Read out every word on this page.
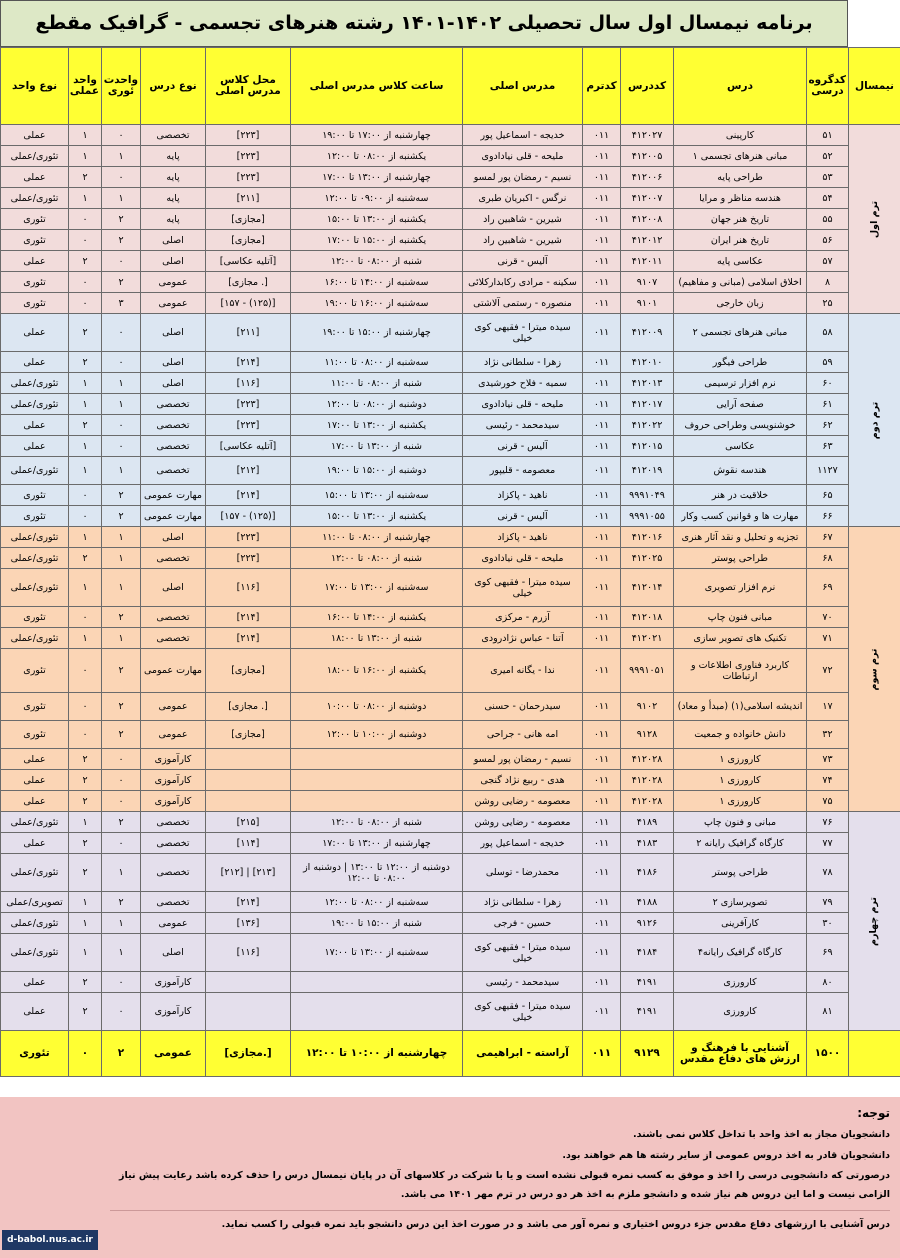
برنامه نیمسال اول سال تحصیلی ۱۴۰۲-۱۴۰۱ رشته هنرهای تجسمی - گرافیک مقطع
نیمسال	کدگروه درسی	درس	کددرس	کدترم	مدرس اصلی	ساعت کلاس مدرس اصلی	محل کلاس مدرس اصلی	نوع درس	واحدت ئوری	واحد عملی	نوع واحد
ترم اول	۵۱	کارپینی	۴۱۲۰۲۷	۰۱۱	خدیجه - اسماعیل پور	چهارشنبه از ۱۷:۰۰ تا ۱۹:۰۰	[۲۲۳]	تخصصی	۰	۱	عملی
	۵۲	مبانی هنرهای تجسمی ۱	۴۱۲۰۰۵	۰۱۱	ملیحه - قلی نیادادوی	یکشنبه از ۰۸:۰۰ تا ۱۲:۰۰	[۲۲۳]	پایه	۱	۱	تئوری/عملی
	۵۳	طراحی پایه	۴۱۲۰۰۶	۰۱۱	نسیم - رمضان پور لمسو	چهارشنبه از ۱۳:۰۰ تا ۱۷:۰۰	[۲۲۳]	پایه	۰	۲	عملی
	۵۴	هندسه مناظر و مرایا	۴۱۲۰۰۷	۰۱۱	نرگس - اکبریان طبری	سه‌شنبه از ۰۹:۰۰ تا ۱۲:۰۰	[۲۱۱]	پایه	۱	۱	تئوری/عملی
	۵۵	تاریخ هنر جهان	۴۱۲۰۰۸	۰۱۱	شیرین - شاهبین راد	یکشنبه از ۱۳:۰۰ تا ۱۵:۰۰	[مجازی]	پایه	۲	۰	تئوری
	۵۶	تاریخ هنر ایران	۴۱۲۰۱۲	۰۱۱	شیرین - شاهبین راد	یکشنبه از ۱۵:۰۰ تا ۱۷:۰۰	[مجازی]	اصلی	۲	۰	تئوری
	۵۷	عکاسی پایه	۴۱۲۰۱۱	۰۱۱	آلیس - قرنی	شنبه از ۰۸:۰۰ تا ۱۲:۰۰	[آتلیه عکاسی]	اصلی	۰	۲	عملی
	۸	اخلاق اسلامی (مبانی و مفاهیم)	۹۱۰۷	۰۱۱	سکینه - مرادی رکابدارکلائی	سه‌شنبه از ۱۴:۰۰ تا ۱۶:۰۰	[. مجازی]	عمومی	۲	۰	تئوری
	۲۵	زبان خارجی	۹۱۰۱	۰۱۱	منصوره - رستمی آلاشتی	سه‌شنبه از ۱۶:۰۰ تا ۱۹:۰۰	[(۱۲۵) - ۱۵۷]	عمومی	۳	۰	تئوری
ترم دوم	۵۸	مبانی هنرهای تجسمی ۲	۴۱۲۰۰۹	۰۱۱	سیده میترا - فقیهی کوی خیلی	چهارشنبه از ۱۵:۰۰ تا ۱۹:۰۰	[۲۱۱]	اصلی	۰	۲	عملی
	۵۹	طراحی فیگور	۴۱۲۰۱۰	۰۱۱	زهرا - سلطانی نژاد	سه‌شنبه از ۰۸:۰۰ تا ۱۱:۰۰	[۲۱۴]	اصلی	۰	۲	عملی
	۶۰	نرم افزار ترسیمی	۴۱۲۰۱۳	۰۱۱	سمیه - فلاح خورشیدی	شنبه از ۰۸:۰۰ تا ۱۱:۰۰	[۱۱۶]	اصلی	۱	۱	تئوری/عملی
	۶۱	صفحه آرایی	۴۱۲۰۱۷	۰۱۱	ملیحه - قلی نیادادوی	دوشنبه از ۰۸:۰۰ تا ۱۲:۰۰	[۲۲۳]	تخصصی	۱	۱	تئوری/عملی
	۶۲	خوشنویسی وطراحی حروف	۴۱۲۰۲۲	۰۱۱	سیدمحمد - رئیسی	یکشنبه از ۱۳:۰۰ تا ۱۷:۰۰	[۲۲۳]	تخصصی	۰	۲	عملی
	۶۳	عکاسی	۴۱۲۰۱۵	۰۱۱	آلیس - قرنی	شنبه از ۱۳:۰۰ تا ۱۷:۰۰	[آتلیه عکاسی]	تخصصی	۰	۱	عملی
	۱۱۲۷	هندسه نقوش	۴۱۲۰۱۹	۰۱۱	معصومه - قلیپور	دوشنبه از ۱۵:۰۰ تا ۱۹:۰۰	[۲۱۲]	تخصصی	۱	۱	تئوری/عملی
	۶۵	خلاقیت در هنر	۹۹۹۱۰۴۹	۰۱۱	ناهید - پاکزاد	سه‌شنبه از ۱۳:۰۰ تا ۱۵:۰۰	[۲۱۴]	مهارت عمومی	۲	۰	تئوری
	۶۶	مهارت ها و قوانین کسب وکار	۹۹۹۱۰۵۵	۰۱۱	آلیس - قرنی	یکشنبه از ۱۳:۰۰ تا ۱۵:۰۰	[(۱۲۵) - ۱۵۷]	مهارت عمومی	۲	۰	تئوری
ترم سوم	۶۷	تجزیه و تحلیل و نقد آثار هنری	۴۱۲۰۱۶	۰۱۱	ناهید - پاکزاد	چهارشنبه از ۰۸:۰۰ تا ۱۱:۰۰	[۲۲۳]	اصلی	۱	۱	تئوری/عملی
	۶۸	طراحی پوستر	۴۱۲۰۲۵	۰۱۱	ملیحه - قلی نیادادوی	شنبه از ۰۸:۰۰ تا ۱۲:۰۰	[۲۲۳]	تخصصی	۱	۲	تئوری/عملی
	۶۹	نرم افزار تصویری	۴۱۲۰۱۴	۰۱۱	سیده میترا - فقیهی کوی خیلی	سه‌شنبه از ۱۳:۰۰ تا ۱۷:۰۰	[۱۱۶]	اصلی	۱	۱	تئوری/عملی
	۷۰	مبانی فنون چاپ	۴۱۲۰۱۸	۰۱۱	آزرم - مرکزی	یکشنبه از ۱۴:۰۰ تا ۱۶:۰۰	[۲۱۴]	تخصصی	۲	۰	تئوری
	۷۱	تکنیک های تصویر سازی	۴۱۲۰۲۱	۰۱۱	آتنا - عباس نژادرودی	شنبه از ۱۳:۰۰ تا ۱۸:۰۰	[۲۱۴]	تخصصی	۱	۱	تئوری/عملی
	۷۲	کاربرد فناوری اطلاعات و ارتباطات	۹۹۹۱۰۵۱	۰۱۱	ندا - یگانه امیری	یکشنبه از ۱۶:۰۰ تا ۱۸:۰۰	[مجازی]	مهارت عمومی	۲	۰	تئوری
	۱۷	اندیشه اسلامی(۱) (مبدأ و معاد)	۹۱۰۲	۰۱۱	سیدرحمان - حسنی	دوشنبه از ۰۸:۰۰ تا ۱۰:۰۰	[. مجازی]	عمومی	۲	۰	تئوری
	۳۲	دانش خانواده و جمعیت	۹۱۲۸	۰۱۱	امه هانی - جراحی	دوشنبه از ۱۰:۰۰ تا ۱۲:۰۰	[مجازی]	عمومی	۲	۰	تئوری
	۷۳	کارورزی ۱	۴۱۲۰۲۸	۰۱۱	نسیم - رمضان پور لمسو			کارآموزی	۰	۲	عملی
	۷۴	کارورزی ۱	۴۱۲۰۲۸	۰۱۱	هدی - ربیع نژاد گنجی			کارآموزی	۰	۲	عملی
	۷۵	کارورزی ۱	۴۱۲۰۲۸	۰۱۱	معصومه - رضایی روشن			کارآموزی	۰	۲	عملی
ترم چهارم	۷۶	مبانی و فنون چاپ	۴۱۸۹	۰۱۱	معصومه - رضایی روشن	شنبه از ۰۸:۰۰ تا ۱۲:۰۰	[۲۱۵]	تخصصی	۲	۱	تئوری/عملی
	۷۷	کارگاه گرافیک رایانه ۲	۴۱۸۳	۰۱۱	خدیجه - اسماعیل پور	چهارشنبه از ۱۳:۰۰ تا ۱۷:۰۰	[۱۱۴]	تخصصی	۰	۲	عملی
	۷۸	طراحی پوستر	۴۱۸۶	۰۱۱	محمدرضا - توسلی	دوشنبه از ۱۲:۰۰ تا ۱۳:۰۰ | دوشنبه از ۰۸:۰۰ تا ۱۲:۰۰	[۲۱۳] | [۲۱۲]	تخصصی	۱	۲	تئوری/عملی
	۷۹	تصویرسازی ۲	۴۱۸۸	۰۱۱	زهرا - سلطانی نژاد	سه‌شنبه از ۰۸:۰۰ تا ۱۲:۰۰	[۲۱۴]	تخصصی	۲	۱	تصویری/عملی
	۳۰	کارآفرینی	۹۱۲۶	۰۱۱	حسین - فرجی	شنبه از ۱۵:۰۰ تا ۱۹:۰۰	[۱۳۶]	عمومی	۱	۱	تئوری/عملی
	۶۹	کارگاه گرافیک رایانه۴	۴۱۸۴	۰۱۱	سیده میترا - فقیهی کوی خیلی	سه‌شنبه از ۱۳:۰۰ تا ۱۷:۰۰	[۱۱۶]	اصلی	۱	۱	تئوری/عملی
	۸۰	کارورزی	۴۱۹۱	۰۱۱	سیدمحمد - رئیسی			کارآموزی	۰	۲	عملی
	۸۱	کارورزی	۴۱۹۱	۰۱۱	سیده میترا - فقیهی کوی خیلی			کارآموزی	۰	۲	عملی
	۱۵۰۰	آشنایی با فرهنگ و ارزش های دفاع مقدس	۹۱۲۹	۰۱۱	آراسته - ابراهیمی	چهارشنبه از ۱۰:۰۰ تا ۱۲:۰۰	[.مجازی]	عمومی	۲	۰	تئوری
توجه:
دانشجویان مجاز به اخذ واحد با تداخل کلاس نمی باشند.
دانشجویان قادر به اخذ دروس عمومی از سایر رشته ها هم خواهند بود.
درصورتی که دانشجویی درسی را اخذ و موفق به کسب نمره قبولی نشده است و یا با شرکت در کلاسهای آن در پایان نیمسال درس را حذف کرده باشد رعایت پیش نیاز الزامی نیست و اما این دروس هم نیاز شده و دانشجو ملزم به اخذ هر دو درس در ترم مهر ۱۴۰۱ می باشد.
درس آشنایی با ارزشهای دفاع مقدس جزء دروس اختیاری و نمره آور می باشد و در صورت اخذ این درس دانشجو باید نمره قبولی را کسب نماید.
d-babol.nus.ac.ir
